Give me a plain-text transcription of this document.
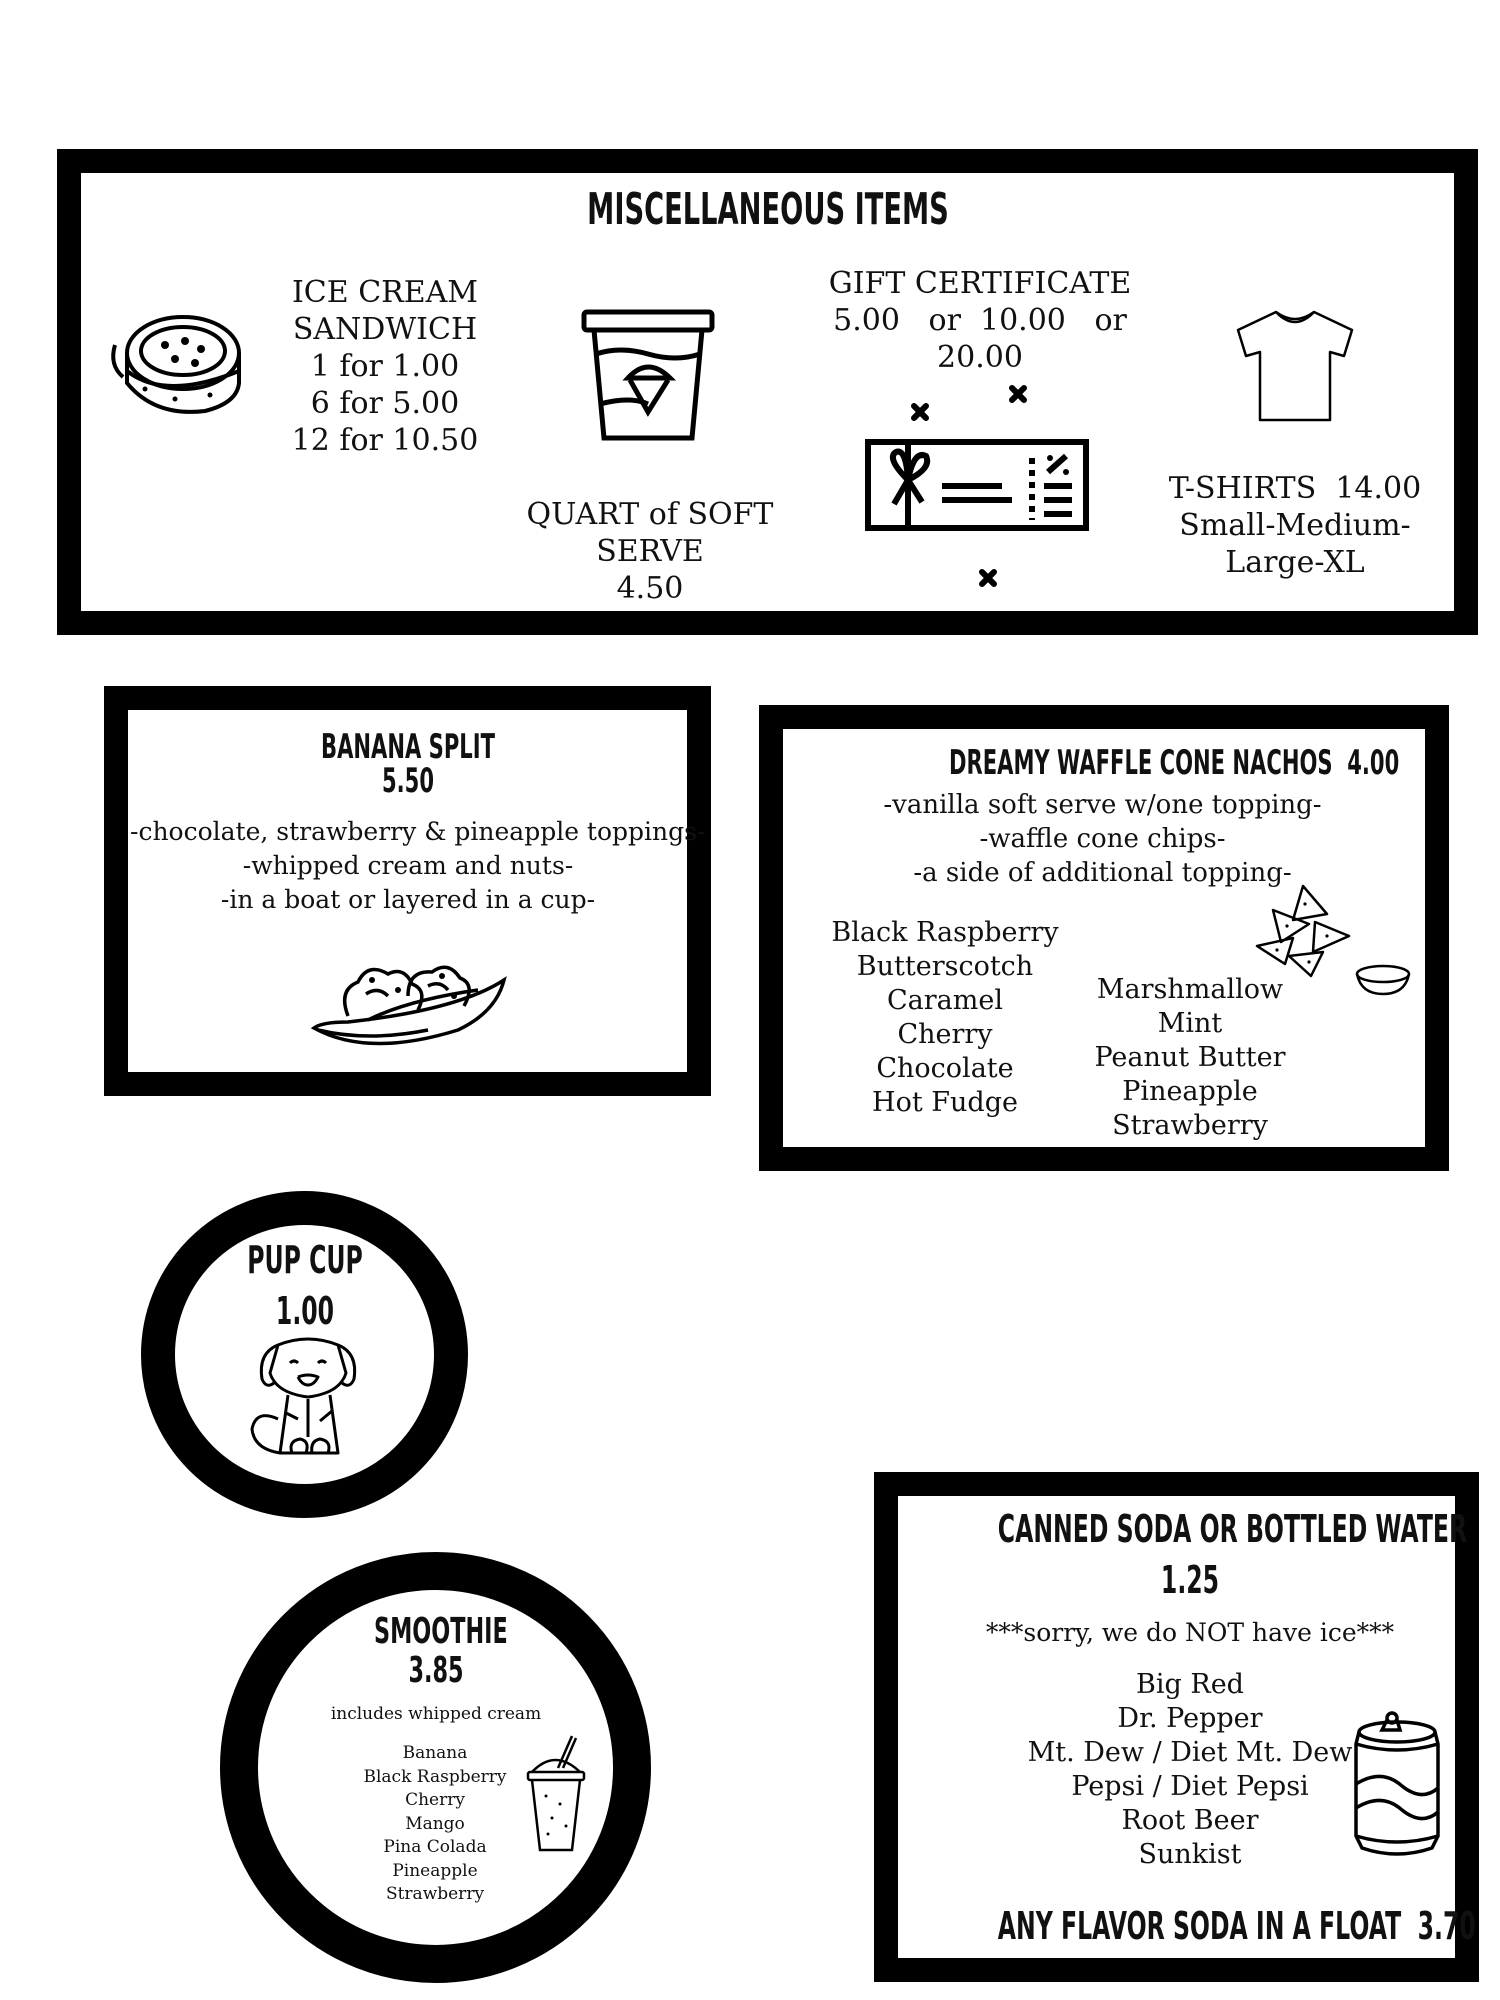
MISCELLANEOUS ITEMS
ICE CREAM
SANDWICH
1 for 1.00
6 for 5.00
12 for 10.50
QUART of SOFT
SERVE
4.50
GIFT CERTIFICATE
5.00   or  10.00   or
20.00
T-SHIRTS  14.00
Small-Medium-
Large-XL
BANANA SPLIT
5.50
-chocolate, strawberry & pineapple toppings-
-whipped cream and nuts-
-in a boat or layered in a cup-
DREAMY WAFFLE CONE NACHOS  4.00
-vanilla soft serve w/one topping-
-waffle cone chips-
-a side of additional topping-
Black Raspberry
Butterscotch
Caramel
Cherry
Chocolate
Hot Fudge
Marshmallow
Mint
Peanut Butter
Pineapple
Strawberry
PUP CUP
1.00
SMOOTHIE
3.85
includes whipped cream
Banana
Black Raspberry
Cherry
Mango
Pina Colada
Pineapple
Strawberry
CANNED SODA OR BOTTLED WATER
1.25
***sorry, we do NOT have ice***
Big Red
Dr. Pepper
Mt. Dew / Diet Mt. Dew
Pepsi / Diet Pepsi
Root Beer
Sunkist
ANY FLAVOR SODA IN A FLOAT  3.70
